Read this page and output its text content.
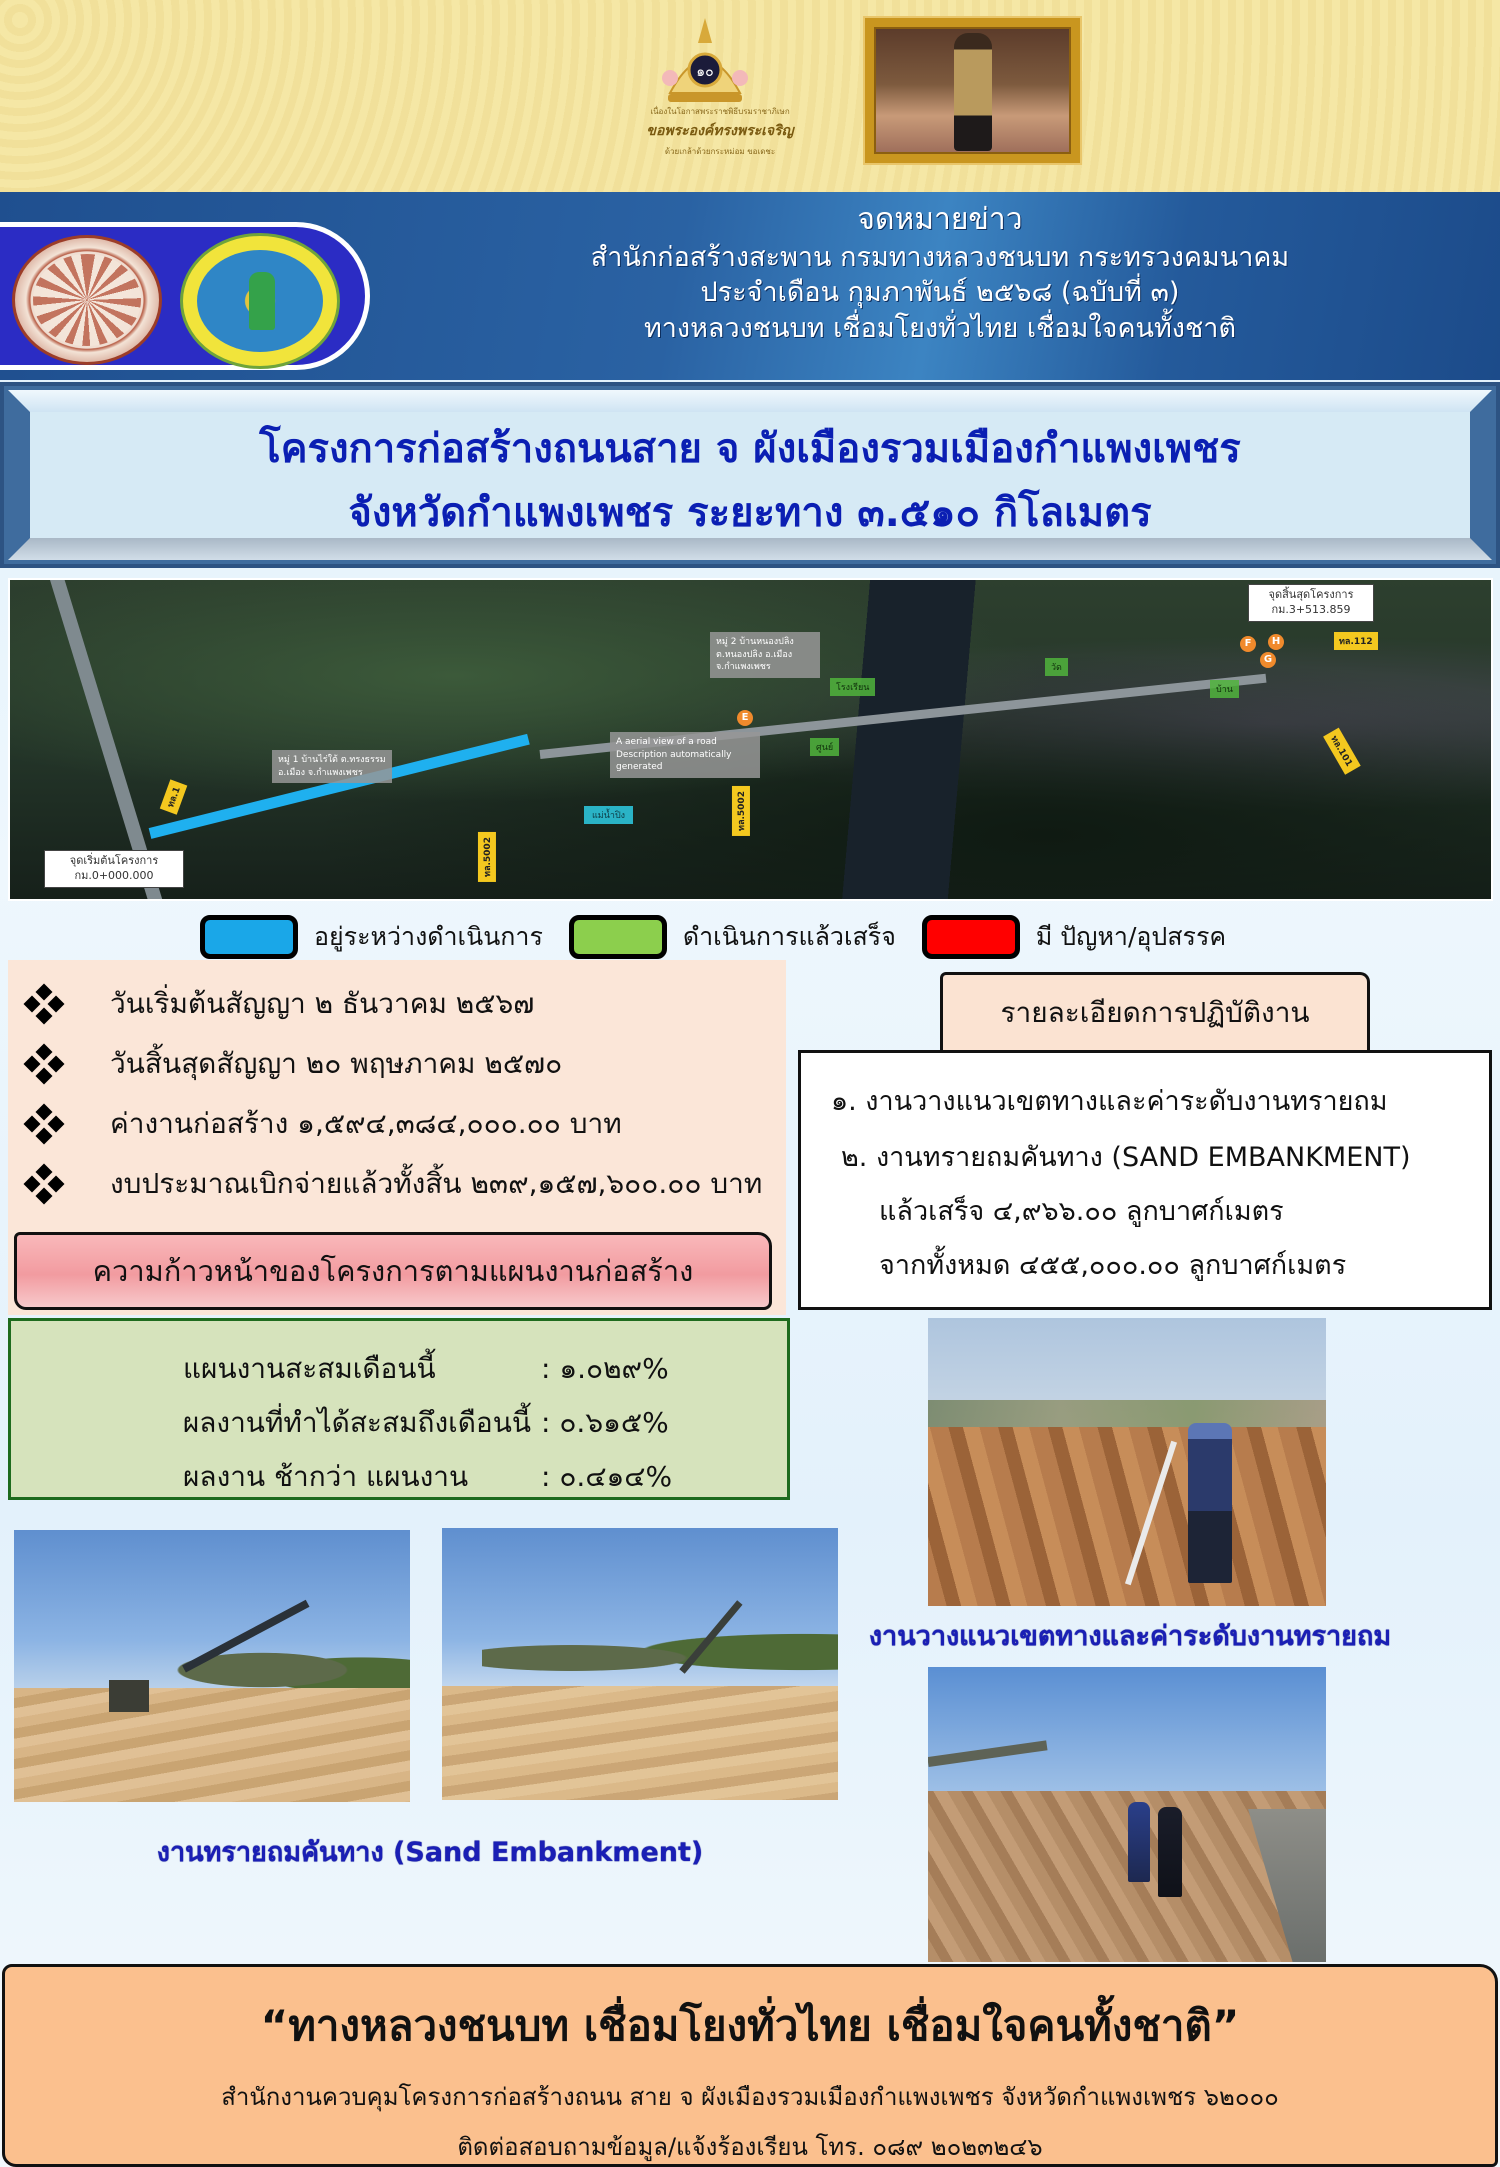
๑๐
เนื่องในโอกาสพระราชพิธีบรมราชาภิเษก
ขอพระองค์ทรงพระเจริญ
ด้วยเกล้าด้วยกระหม่อม ขอเดชะ
จดหมายข่าว
สำนักก่อสร้างสะพาน กรมทางหลวงชนบท กระทรวงคมนาคม
ประจำเดือน กุมภาพันธ์ ๒๕๖๘ (ฉบับที่ ๓)
ทางหลวงชนบท เชื่อมโยงทั่วไทย เชื่อมใจคนทั้งชาติ
โครงการก่อสร้างถนนสาย จ ผังเมืองรวมเมืองกำแพงเพชร
จังหวัดกำแพงเพชร ระยะทาง ๓.๕๑๐ กิโลเมตร
หมู่ 1 บ้านไร่ใต้ ต.ทรงธรรม อ.เมือง จ.กำแพงเพชร
หมู่ 2 บ้านหนองปลิง ต.หนองปลิง อ.เมือง จ.กำแพงเพชร
A aerial view of a road
Description automatically generated
แม่น้ำปิง
โรงเรียน
วัด
บ้าน
ศูนย์
ทล.1
ทล.5002
ทล.5002
ทล.112
ทล.101
E
F
G
H
จุดเริ่มต้นโครงการ
กม.0+000.000
จุดสิ้นสุดโครงการ
กม.3+513.859
อยู่ระหว่างดำเนินการ	ดำเนินการแล้วเสร็จ	มี ปัญหา/อุปสรรค
วันเริ่มต้นสัญญา ๒ ธันวาคม ๒๕๖๗
วันสิ้นสุดสัญญา ๒๐ พฤษภาคม ๒๕๗๐
ค่างานก่อสร้าง ๑,๕๙๔,๓๘๔,๐๐๐.๐๐ บาท
งบประมาณเบิกจ่ายแล้วทั้งสิ้น ๒๓๙,๑๕๗,๖๐๐.๐๐ บาท
ความก้าวหน้าของโครงการตามแผนงานก่อสร้าง
แผนงานสะสมเดือนนี้	: ๑.๐๒๙%
ผลงานที่ทำได้สะสมถึงเดือนนี้ : ๐.๖๑๕%
ผลงาน ช้ากว่า แผนงาน	: ๐.๔๑๔%
รายละเอียดการปฏิบัติงาน
๑. งานวางแนวเขตทางและค่าระดับงานทรายถม
๒. งานทรายถมคันทาง (SAND EMBANKMENT)
แล้วเสร็จ ๔,๙๖๖.๐๐ ลูกบาศก์เมตร
จากทั้งหมด ๔๕๕,๐๐๐.๐๐ ลูกบาศก์เมตร
งานวางแนวเขตทางและค่าระดับงานทรายถม
งานทรายถมคันทาง (Sand Embankment)
“ทางหลวงชนบท เชื่อมโยงทั่วไทย เชื่อมใจคนทั้งชาติ”
สำนักงานควบคุมโครงการก่อสร้างถนน สาย จ ผังเมืองรวมเมืองกำแพงเพชร จังหวัดกำแพงเพชร ๖๒๐๐๐
ติดต่อสอบถามข้อมูล/แจ้งร้องเรียน โทร. ๐๘๙ ๒๐๒๓๒๔๖
